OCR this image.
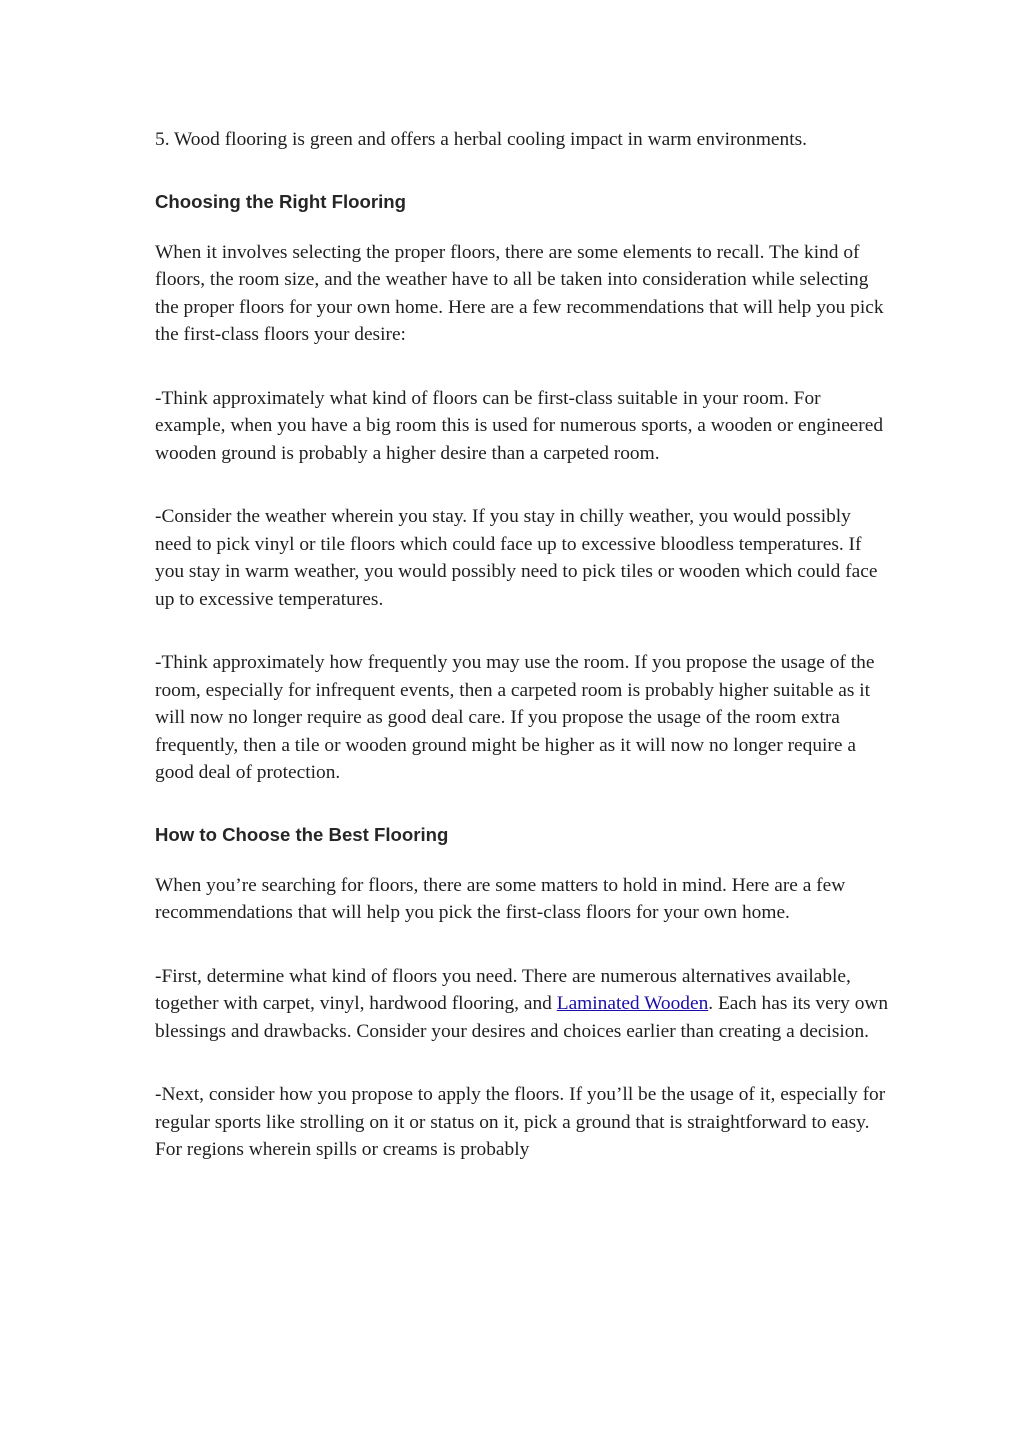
5. Wood flooring is green and offers a herbal cooling impact in warm environments.

Choosing the Right Flooring

When it involves selecting the proper floors, there are some elements to recall. The kind of floors, the room size, and the weather have to all be taken into consideration while selecting the proper floors for your own home. Here are a few recommendations that will help you pick the first-class floors your desire:

-Think approximately what kind of floors can be first-class suitable in your room. For example, when you have a big room this is used for numerous sports, a wooden or engineered wooden ground is probably a higher desire than a carpeted room.

-Consider the weather wherein you stay. If you stay in chilly weather, you would possibly need to pick vinyl or tile floors which could face up to excessive bloodless temperatures. If you stay in warm weather, you would possibly need to pick tiles or wooden which could face up to excessive temperatures.

-Think approximately how frequently you may use the room. If you propose the usage of the room, especially for infrequent events, then a carpeted room is probably higher suitable as it will now no longer require as good deal care. If you propose the usage of the room extra frequently, then a tile or wooden ground might be higher as it will now no longer require a good deal of protection.

How to Choose the Best Flooring

When you’re searching for floors, there are some matters to hold in mind. Here are a few recommendations that will help you pick the first-class floors for your own home.

-First, determine what kind of floors you need. There are numerous alternatives available, together with carpet, vinyl, hardwood flooring, and Laminated Wooden. Each has its very own blessings and drawbacks. Consider your desires and choices earlier than creating a decision.

-Next, consider how you propose to apply the floors. If you’ll be the usage of it, especially for regular sports like strolling on it or status on it, pick a ground that is straightforward to easy. For regions wherein spills or creams is probably
